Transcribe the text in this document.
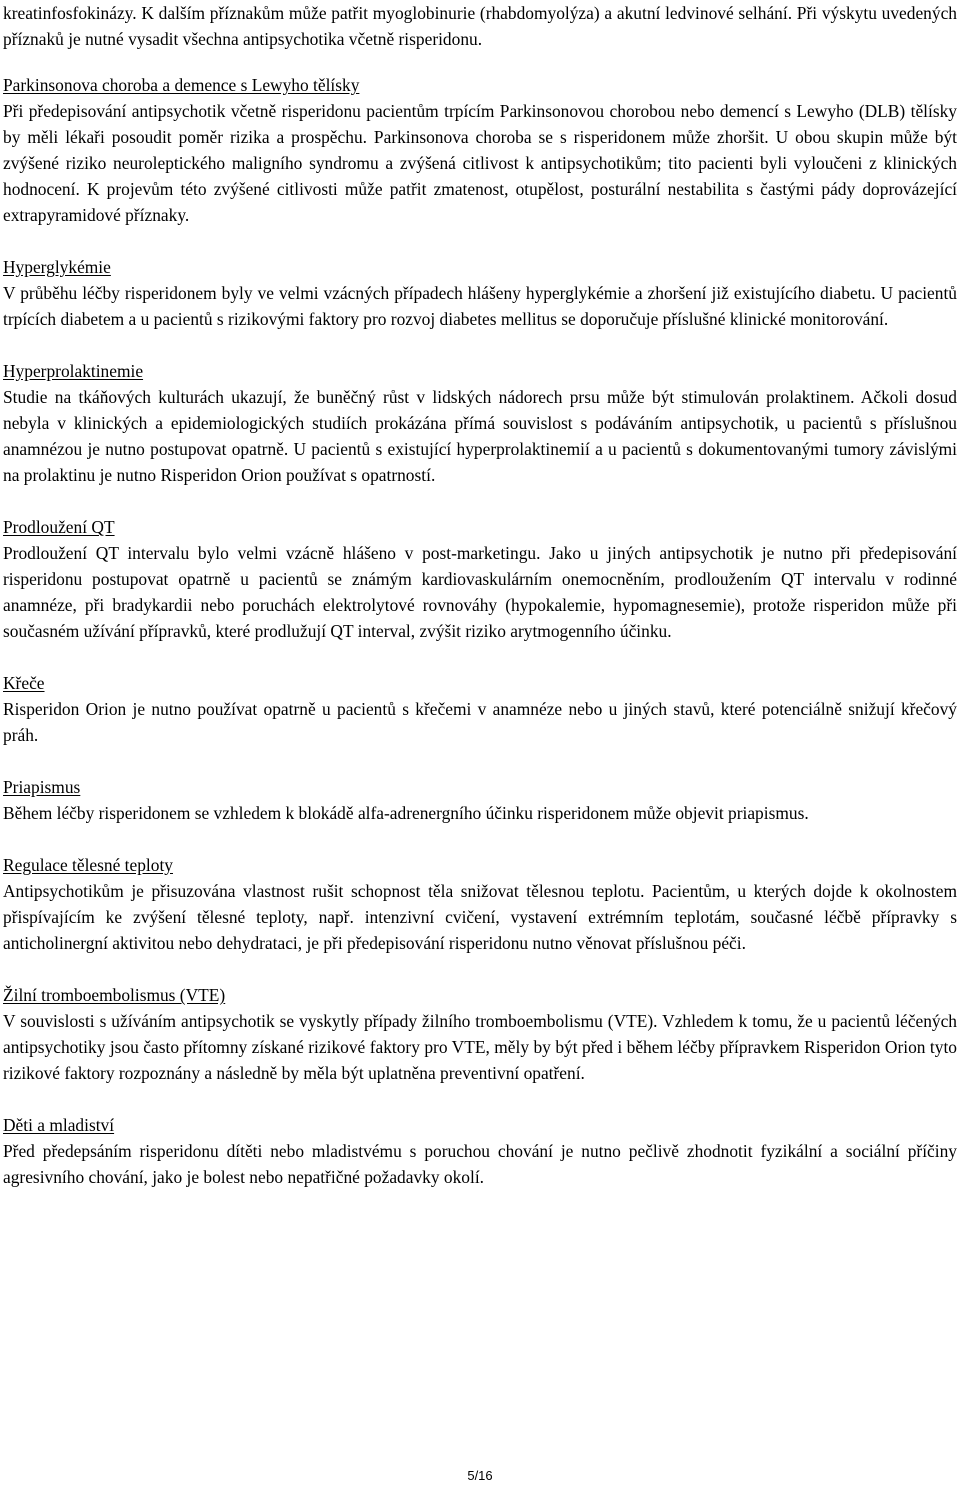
kreatinfosfokinázy. K dalším příznakům může patřit myoglobinurie (rhabdomyolýza) a akutní ledvinové selhání. Při výskytu uvedených příznaků je nutné vysadit všechna antipsychotika včetně risperidonu.

Parkinsonova choroba a demence s Lewyho tělísky

Při předepisování antipsychotik včetně risperidonu pacientům trpícím Parkinsonovou chorobou nebo demencí s Lewyho (DLB) tělísky by měli lékaři posoudit poměr rizika a prospěchu. Parkinsonova choroba se s risperidonem může zhoršit. U obou skupin může být zvýšené riziko neuroleptického maligního syndromu a zvýšená citlivost k antipsychotikům; tito pacienti byli vyloučeni z klinických hodnocení. K projevům této zvýšené citlivosti může patřit zmatenost, otupělost, posturální nestabilita s častými pády doprovázející extrapyramidové příznaky.

Hyperglykémie

V průběhu léčby risperidonem byly ve velmi vzácných případech hlášeny hyperglykémie a zhoršení již existujícího diabetu. U pacientů trpících diabetem a u pacientů s rizikovými faktory pro rozvoj diabetes mellitus se doporučuje příslušné klinické monitorování.

Hyperprolaktinemie

Studie na tkáňových kulturách ukazují, že buněčný růst v lidských nádorech prsu může být stimulován prolaktinem. Ačkoli dosud nebyla v klinických a epidemiologických studiích prokázána přímá souvislost s podáváním antipsychotik, u pacientů s příslušnou anamnézou je nutno postupovat opatrně. U pacientů s existující hyperprolaktinemií a u pacientů s dokumentovanými tumory závislými na prolaktinu je nutno Risperidon Orion používat s opatrností.

Prodloužení QT

Prodloužení QT intervalu bylo velmi vzácně hlášeno v post-marketingu. Jako u jiných antipsychotik je nutno při předepisování risperidonu postupovat opatrně u pacientů se známým kardiovaskulárním onemocněním, prodloužením QT intervalu v rodinné anamnéze, při bradykardii nebo poruchách elektrolytové rovnováhy (hypokalemie, hypomagnesemie), protože risperidon může při současném užívání přípravků, které prodlužují QT interval, zvýšit riziko arytmogenního účinku.

Křeče

Risperidon Orion je nutno používat opatrně u pacientů s křečemi v anamnéze nebo u jiných stavů, které potenciálně snižují křečový práh.

Priapismus

Během léčby risperidonem se vzhledem k blokádě alfa-adrenergního účinku risperidonem může objevit priapismus.

Regulace tělesné teploty

Antipsychotikům je přisuzována vlastnost rušit schopnost těla snižovat tělesnou teplotu. Pacientům, u kterých dojde k okolnostem přispívajícím ke zvýšení tělesné teploty, např. intenzivní cvičení, vystavení extrémním teplotám, současné léčbě přípravky s anticholinergní aktivitou nebo dehydrataci, je při předepisování risperidonu nutno věnovat příslušnou péči.

Žilní tromboembolismus (VTE)

V souvislosti s užíváním antipsychotik se vyskytly případy žilního tromboembolismu (VTE). Vzhledem k tomu, že u pacientů léčených antipsychotiky jsou často přítomny získané rizikové faktory pro VTE, měly by být před i během léčby přípravkem Risperidon Orion tyto rizikové faktory rozpoznány a následně by měla být uplatněna preventivní opatření.

Děti a mladiství

Před předepsáním risperidonu dítěti nebo mladistvému s poruchou chování je nutno pečlivě zhodnotit fyzikální a sociální příčiny agresivního chování, jako je bolest nebo nepatřičné požadavky okolí.

5/16
